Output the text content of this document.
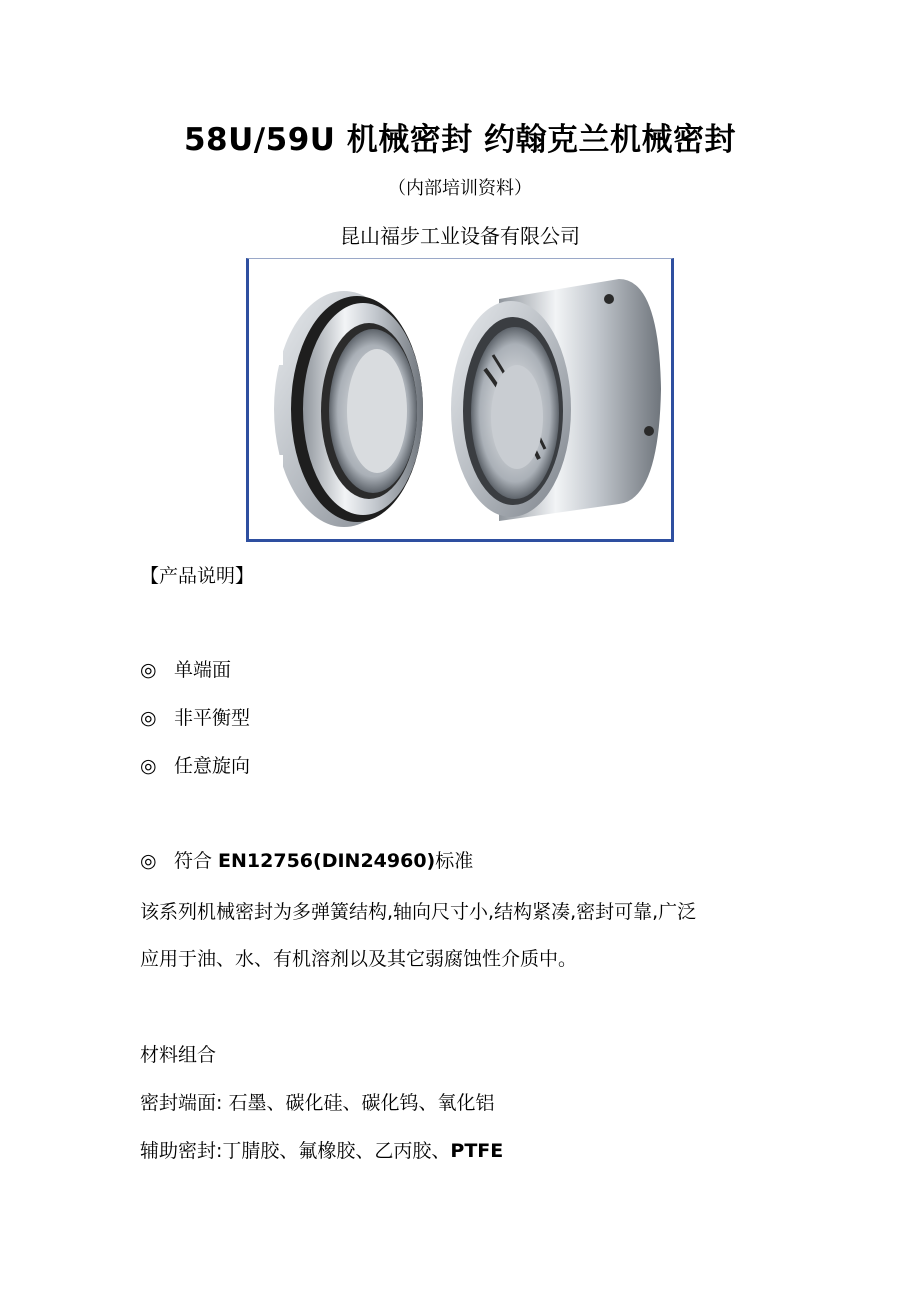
58U/59U 机械密封 约翰克兰机械密封
（内部培训资料）
昆山福步工业设备有限公司
【产品说明】
◎ 单端面
◎ 非平衡型
◎ 任意旋向
◎ 符合 EN12756(DIN24960)标准
该系列机械密封为多弹簧结构,轴向尺寸小,结构紧凑,密封可靠,广泛
应用于油、水、有机溶剂以及其它弱腐蚀性介质中。
材料组合
密封端面: 石墨、碳化硅、碳化钨、氧化铝
辅助密封:丁腈胶、氟橡胶、乙丙胶、PTFE
